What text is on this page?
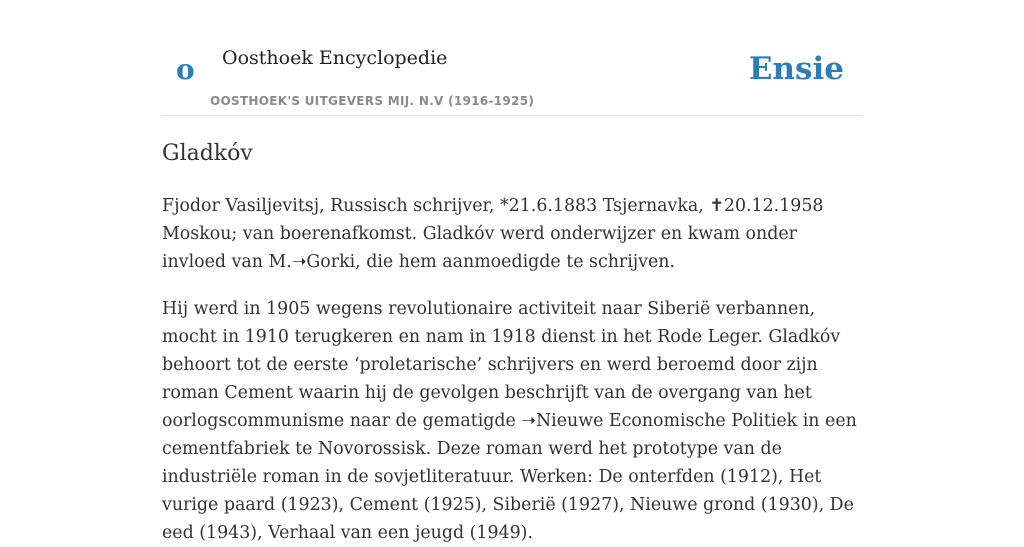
o Oosthoek Encyclopedie
OOSTHOEK'S UITGEVERS MIJ. N.V (1916-1925)
Ensie
Gladkóv

Fjodor Vasiljevitsj, Russisch schrijver, *21.6.1883 Tsjernavka, ✝20.12.1958 Moskou; van boerenafkomst. Gladkóv werd onderwijzer en kwam onder invloed van M.➝Gorki, die hem aanmoedigde te schrijven.

Hij werd in 1905 wegens revolutionaire activiteit naar Siberië verbannen, mocht in 1910 terugkeren en nam in 1918 dienst in het Rode Leger. Gladkóv behoort tot de eerste ‘proletarische’ schrijvers en werd beroemd door zijn roman Cement waarin hij de gevolgen beschrijft van de overgang van het oorlogscommunisme naar de gematigde ➝Nieuwe Economische Politiek in een cementfabriek te Novorossisk. Deze roman werd het prototype van de industriële roman in de sovjetliteratuur. Werken: De onterfden (1912), Het vurige paard (1923), Cement (1925), Siberië (1927), Nieuwe grond (1930), De eed (1943), Verhaal van een jeugd (1949).
